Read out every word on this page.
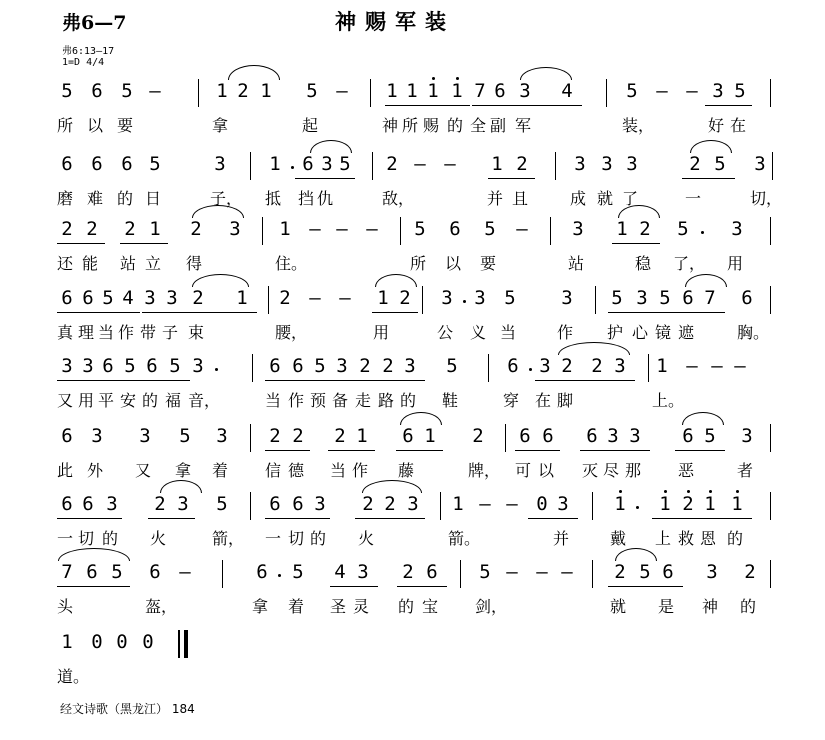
弗6—7	神赐军装
弗6:13—17
1=D 4/4
5 6 5 –	1 2 1 5 – 1 1 1 1 7 6 3 4	5 – – 3 5
所 以 要	拿	起	神 所 赐 的 全 副 军	装，	好 在
6 6 6 5	3 1 6 3 5 2 – – 1 2 3 3 3	2 5 3
磨 难 的 日	子， 抵 挡 仇	敌，	并 且	成 就 了	一	切，
2 2 2 1 2 3 1 – – – 5 6 5 – 3 1 2 5 3
还 能 站 立 得	住。	所 以 要	站	稳 了， 用
6 6 5 4 3 3 2 1 2 – – 1 2 3 3 5 3 5 3 5 6 7 6
真 理 当 作 带 子 束	腰，	用	公 义 当	作 护 心 镜 遮	胸。
3 3 6 5 6 5 3	6 6 5 3 2 2 3 5	6 3 2 2 3 1 – – –
又 用 平 安 的 福 音，	当 作 预 备 走 路 的 鞋	穿 在 脚	上。
6 3 3 5 3 2 2 2 1 6 1 2 6 6 6 3 3 6 5 3
此 外 又 拿 着 信 德 当 作 藤	牌， 可 以 灭 尽 那 恶	者
6 6 3 2 3 5 6 6 3 2 2 3 1 – – 0 3 1 1 2 1 1
一 切 的 火	箭， 一 切 的 火	箭。	并	戴 上 救 恩 的
7 6 5 6 –	6 5 4 3 2 6 5 – – – 2 5 6 3 2
头	盔，	拿 着 圣 灵 的 宝 剑，	就 是 神 的
1 0 0 0
道。
经文诗歌（黑龙江） 184
